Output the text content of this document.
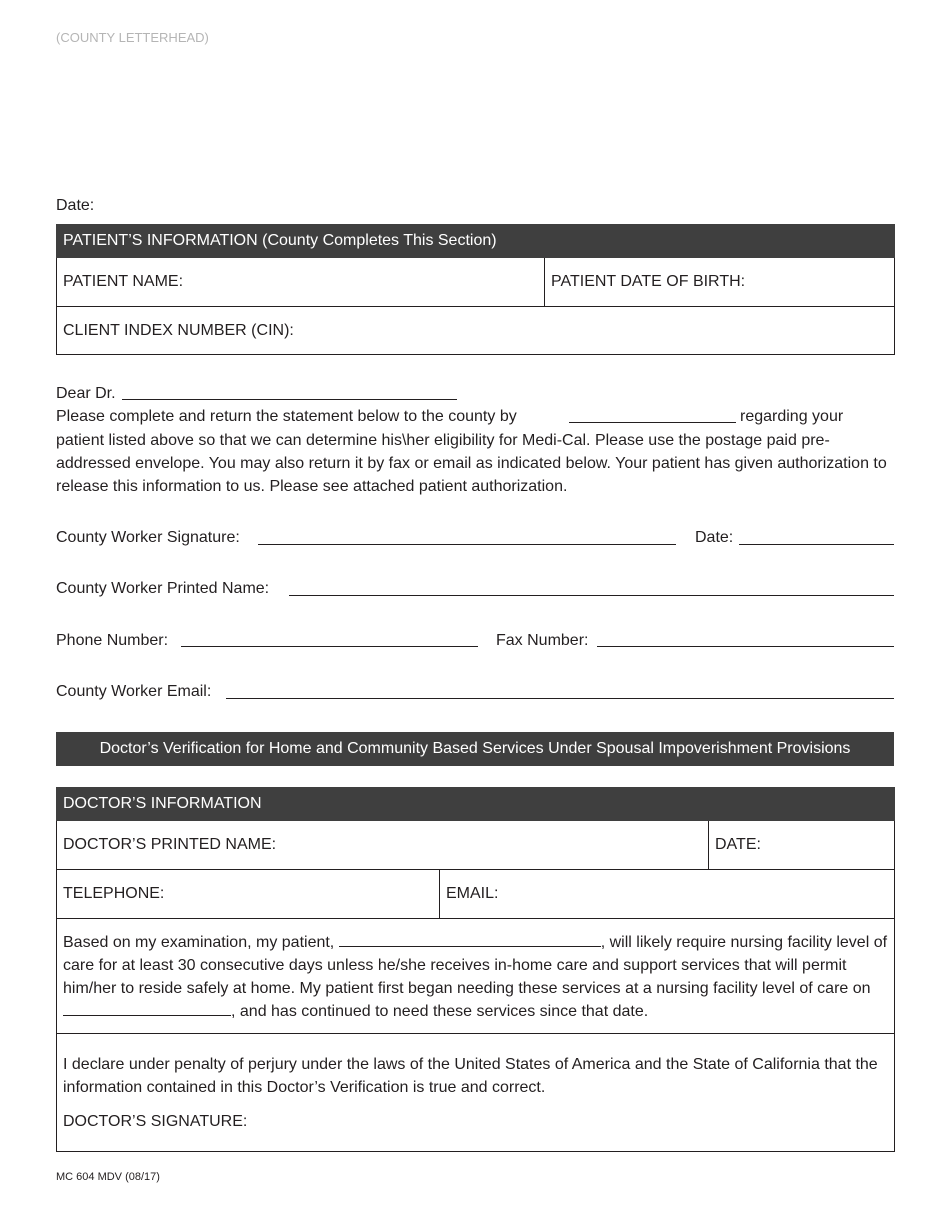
(COUNTY LETTERHEAD)
Date:
PATIENT’S INFORMATION (County Completes This Section)
PATIENT NAME:	PATIENT DATE OF BIRTH:
CLIENT INDEX NUMBER (CIN):
Dear Dr.
Please complete and return the statement below to the county by	regarding your
patient listed above so that we can determine his\her eligibility for Medi-Cal. Please use the postage paid pre-addressed envelope. You may also return it by fax or email as indicated below. Your patient has given authorization to release this information to us. Please see attached patient authorization.
County Worker Signature:	Date:
County Worker Printed Name:
Phone Number:	Fax Number:
County Worker Email:
Doctor’s Verification for Home and Community Based Services Under Spousal Impoverishment Provisions
DOCTOR’S INFORMATION		
DOCTOR’S PRINTED NAME:		DATE:
TELEPHONE:	EMAIL:	
Based on my examination, my patient, , will likely require nursing facility level of care for at least 30 consecutive days unless he/she receives in-home care and support services that will permit him/her to reside safely at home. My patient first began needing these services at a nursing facility level of care on , and has continued to need these services since that date.		

I declare under penalty of perjury under the laws of the United States of America and the State of California that the information contained in this Doctor’s Verification is true and correct.
DOCTOR’S SIGNATURE:		
MC 604 MDV (08/17)
